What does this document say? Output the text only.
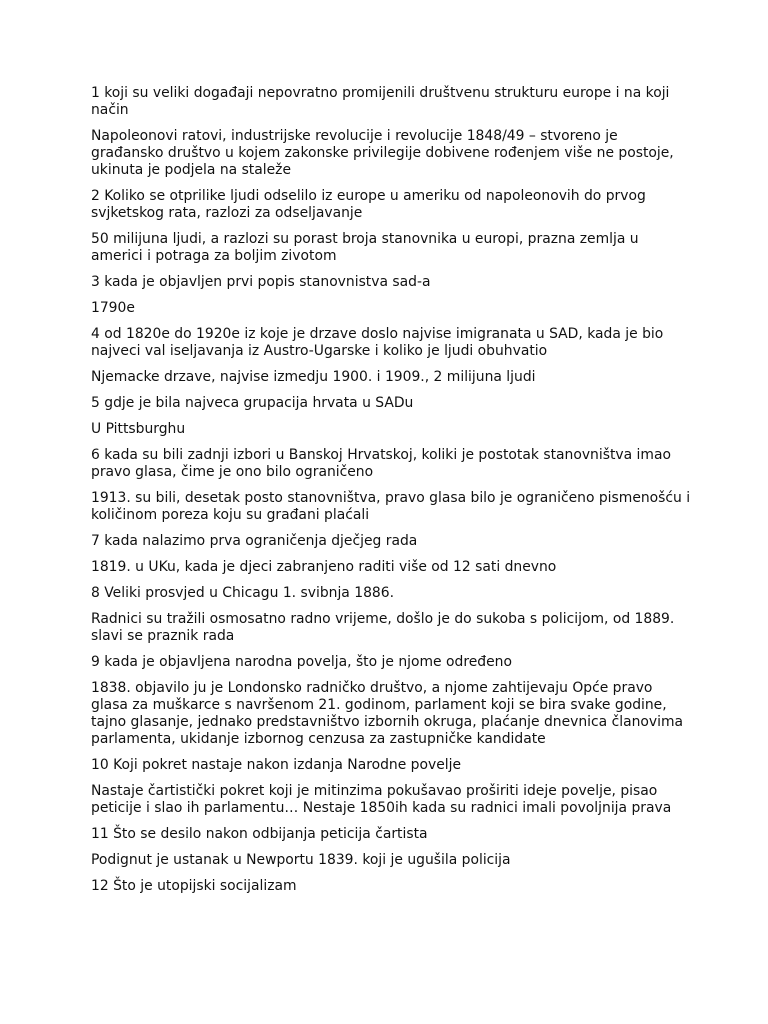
1 koji su veliki događaji nepovratno promijenili društvenu strukturu europe i na koji način

Napoleonovi ratovi, industrijske revolucije i revolucije 1848/49 – stvoreno je građansko društvo u kojem zakonske privilegije dobivene rođenjem više ne postoje, ukinuta je podjela na staleže

2 Koliko se otprilike ljudi odselilo iz europe u ameriku od napoleonovih do prvog svjketskog rata, razlozi za odseljavanje

50 milijuna ljudi, a razlozi su porast broja stanovnika u europi, prazna zemlja u americi i potraga za boljim zivotom

3 kada je objavljen prvi popis stanovnistva sad-a

1790e

4 od 1820e do 1920e iz koje je drzave doslo najvise imigranata u SAD, kada je bio najveci val iseljavanja iz Austro-Ugarske i koliko je ljudi obuhvatio

Njemacke drzave, najvise izmedju 1900. i 1909., 2 milijuna ljudi

5 gdje je bila najveca grupacija hrvata u SADu

U Pittsburghu

6 kada su bili zadnji izbori u Banskoj Hrvatskoj, koliki je postotak stanovništva imao pravo glasa, čime je ono bilo ograničeno

1913. su bili, desetak posto stanovništva, pravo glasa bilo je ograničeno pismenošću i količinom poreza koju su građani plaćali

7 kada nalazimo prva ograničenja dječjeg rada

1819. u UKu, kada je djeci zabranjeno raditi više od 12 sati dnevno

8 Veliki prosvjed u Chicagu 1. svibnja 1886.

Radnici su tražili osmosatno radno vrijeme, došlo je do sukoba s policijom, od 1889. slavi se praznik rada

9 kada je objavljena narodna povelja, što je njome određeno

1838. objavilo ju je Londonsko radničko društvo, a njome zahtijevaju Opće pravo glasa za muškarce s navršenom 21. godinom, parlament koji se bira svake godine, tajno glasanje, jednako predstavništvo izbornih okruga, plaćanje dnevnica članovima parlamenta, ukidanje izbornog cenzusa za zastupničke kandidate

10 Koji pokret nastaje nakon izdanja Narodne povelje

Nastaje čartistički pokret koji je mitinzima pokušavao proširiti ideje povelje, pisao peticije i slao ih parlamentu… Nestaje 1850ih kada su radnici imali povoljnija prava

11 Što se desilo nakon odbijanja peticija čartista

Podignut je ustanak u Newportu 1839. koji je ugušila policija

12 Što je utopijski socijalizam
